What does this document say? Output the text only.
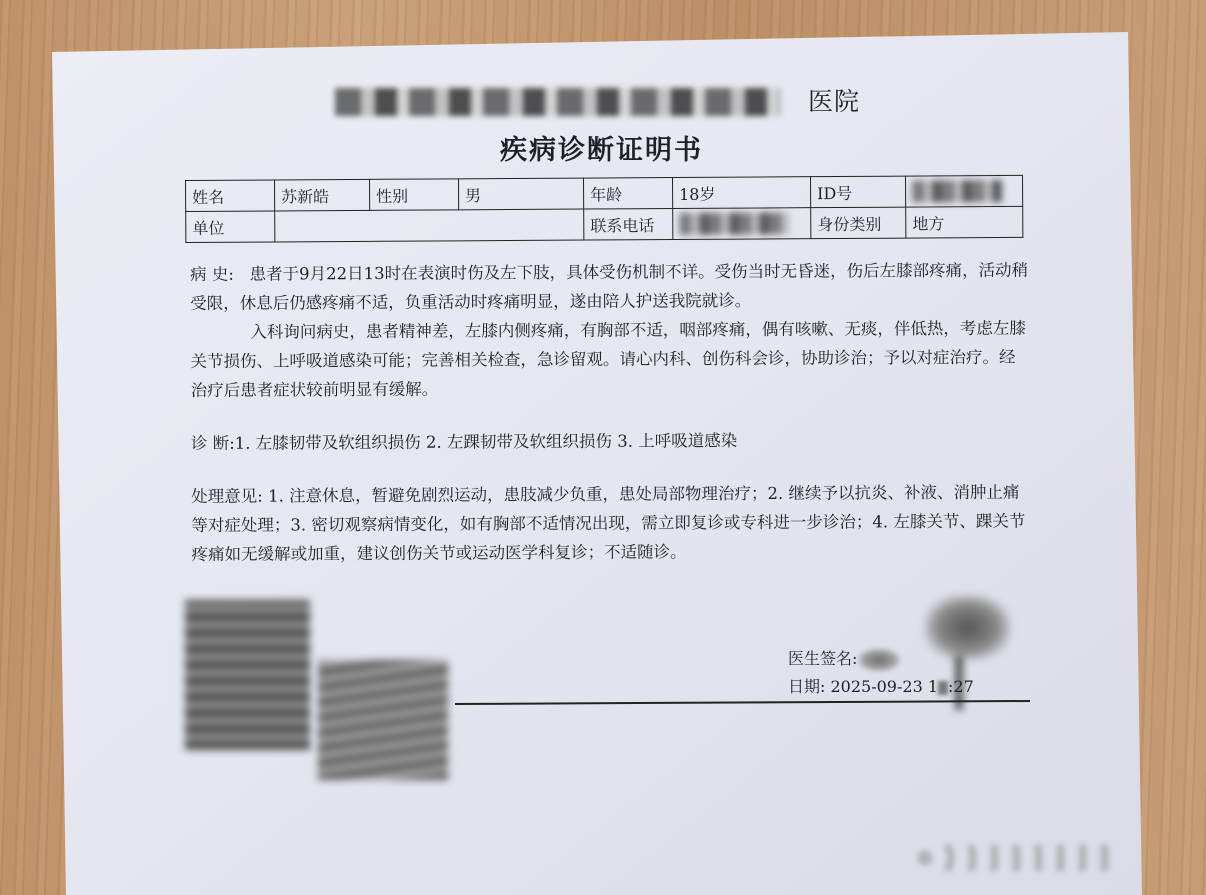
医院
疾病诊断证明书
姓名	苏新皓	性别	男	年龄	18岁	ID号	
单位				联系电话		身份类别	地方

病 史: 患者于9月22日13时在表演时伤及左下肢，具体受伤机制不详。受伤当时无昏迷，伤后左膝部疼痛，活动稍受限，休息后仍感疼痛不适，负重活动时疼痛明显，遂由陪人护送我院就诊。

入科询问病史，患者精神差，左膝内侧疼痛，有胸部不适，咽部疼痛，偶有咳嗽、无痰，伴低热，考虑左膝关节损伤、上呼吸道感染可能；完善相关检查，急诊留观。请心内科、创伤科会诊，协助诊治；予以对症治疗。经治疗后患者症状较前明显有缓解。

诊 断:1. 左膝韧带及软组织损伤 2. 左踝韧带及软组织损伤 3. 上呼吸道感染

处理意见: 1. 注意休息，暂避免剧烈运动，患肢减少负重，患处局部物理治疗；2. 继续予以抗炎、补液、消肿止痛等对症处理；3. 密切观察病情变化，如有胸部不适情况出现，需立即复诊或专科进一步诊治；4. 左膝关节、踝关节疼痛如无缓解或加重，建议创伤关节或运动医学科复诊；不适随诊。

医生签名:
日期: 2025-09-23 1 :27
